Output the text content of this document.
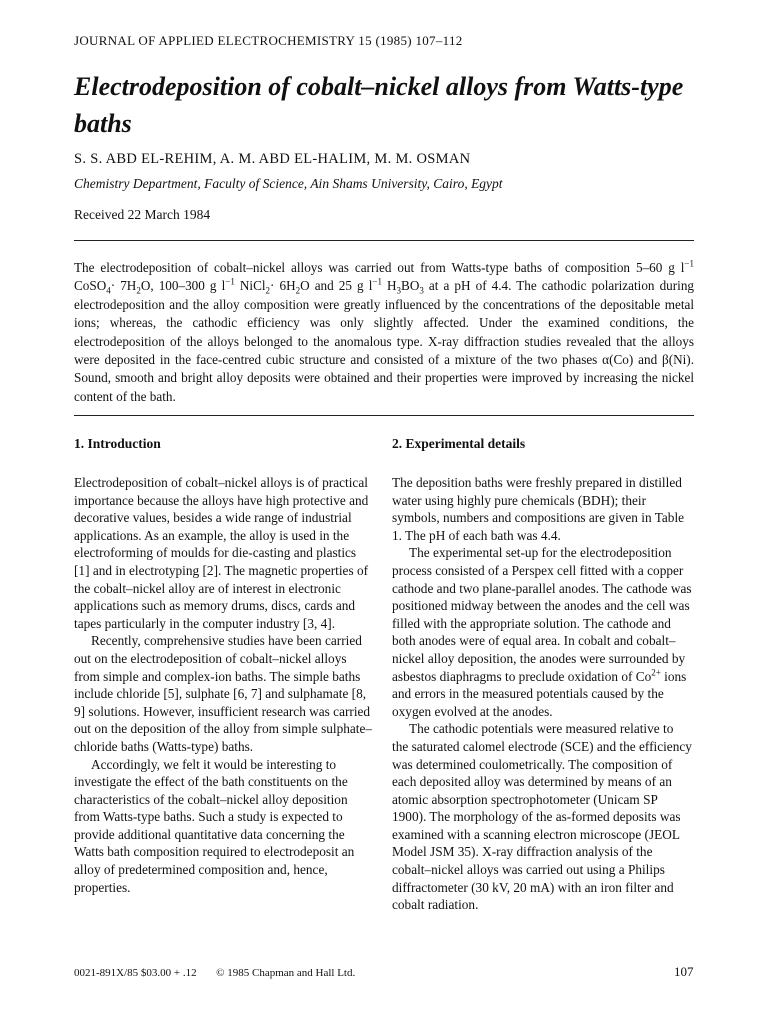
JOURNAL OF APPLIED ELECTROCHEMISTRY 15 (1985) 107–112
Electrodeposition of cobalt–nickel alloys from Watts-type baths
S. S. ABD EL-REHIM, A. M. ABD EL-HALIM, M. M. OSMAN
Chemistry Department, Faculty of Science, Ain Shams University, Cairo, Egypt
Received 22 March 1984

The electrodeposition of cobalt–nickel alloys was carried out from Watts-type baths of composition 5–60 g $l^{-1}$ CoSO$_4$· $7H_2O$, 100–300 g $l^{-1}$ NiCl$_2$· $6H_2O$ and 25 g $l^{-1}$ $H_3BO_3$ at a pH of 4.4. The cathodic polarization during electrodeposition and the alloy composition were greatly influenced by the concentrations of the depositable metal ions; whereas, the cathodic efficiency was only slightly affected. Under the examined conditions, the electrodeposition of the alloys belonged to the anomalous type. X-ray diffraction studies revealed that the alloys were deposited in the face-centred cubic structure and consisted of a mixture of the two phases α(Co) and β(Ni). Sound, smooth and bright alloy deposits were obtained and their properties were improved by increasing the nickel content of the bath.

1. Introduction

Electrodeposition of cobalt–nickel alloys is of practical importance because the alloys have high protective and decorative values, besides a wide range of industrial applications. As an example, the alloy is used in the electroforming of moulds for die-casting and plastics [1] and in electrotyping [2]. The magnetic properties of the cobalt–nickel alloy are of interest in electronic applications such as memory drums, discs, cards and tapes particularly in the computer industry [3, 4].

Recently, comprehensive studies have been carried out on the electrodeposition of cobalt–nickel alloys from simple and complex-ion baths. The simple baths include chloride [5], sulphate [6, 7] and sulphamate [8, 9] solutions. However, insufficient research was carried out on the deposition of the alloy from simple sulphate–chloride baths (Watts-type) baths.

Accordingly, we felt it would be interesting to investigate the effect of the bath constituents on the characteristics of the cobalt–nickel alloy deposition from Watts-type baths. Such a study is expected to provide additional quantitative data concerning the Watts bath composition required to electrodeposit an alloy of predetermined composition and, hence, properties.

2. Experimental details

The deposition baths were freshly prepared in distilled water using highly pure chemicals (BDH); their symbols, numbers and compositions are given in Table 1. The pH of each bath was 4.4.

The experimental set-up for the electrodeposition process consisted of a Perspex cell fitted with a copper cathode and two plane-parallel anodes. The cathode was positioned midway between the anodes and the cell was filled with the appropriate solution. The cathode and both anodes were of equal area. In cobalt and cobalt–nickel alloy deposition, the anodes were surrounded by asbestos diaphragms to preclude oxidation of $Co^{2+}$ ions and errors in the measured potentials caused by the oxygen evolved at the anodes.

The cathodic potentials were measured relative to the saturated calomel electrode (SCE) and the efficiency was determined coulometrically. The composition of each deposited alloy was determined by means of an atomic absorption spectrophotometer (Unicam SP 1900). The morphology of the as-formed deposits was examined with a scanning electron microscope (JEOL Model JSM 35). X-ray diffraction analysis of the cobalt–nickel alloys was carried out using a Philips diffractometer (30 kV, 20 mA) with an iron filter and cobalt radiation.

0021-891X/85 $03.00 + .12 © 1985 Chapman and Hall Ltd.	107
